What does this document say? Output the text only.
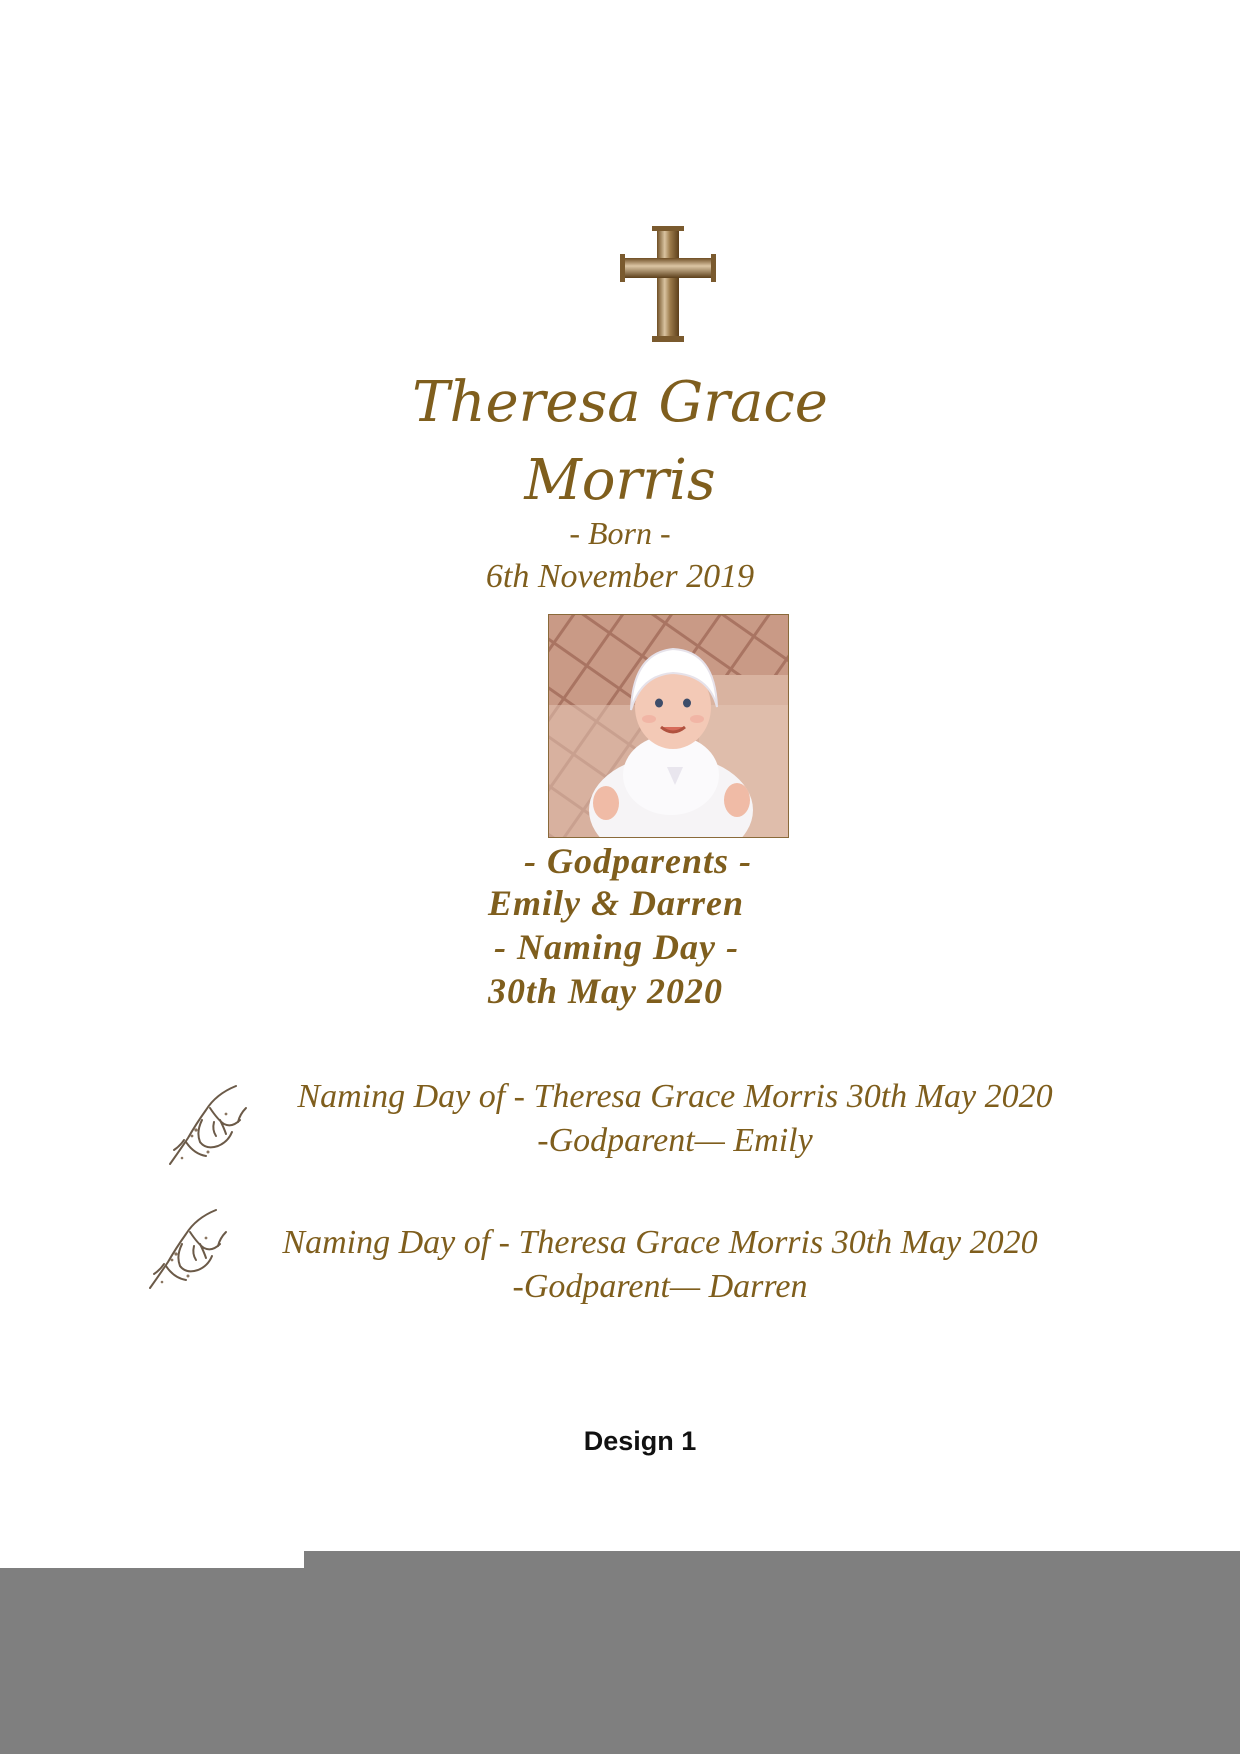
Theresa Grace
Morris
- Born -
6th November 2019
- Godparents -
Emily & Darren
- Naming Day -
30th May 2020
Naming Day of - Theresa Grace Morris 30th May 2020
-Godparent— Emily
Naming Day of - Theresa Grace Morris 30th May 2020
-Godparent— Darren
Design 1
